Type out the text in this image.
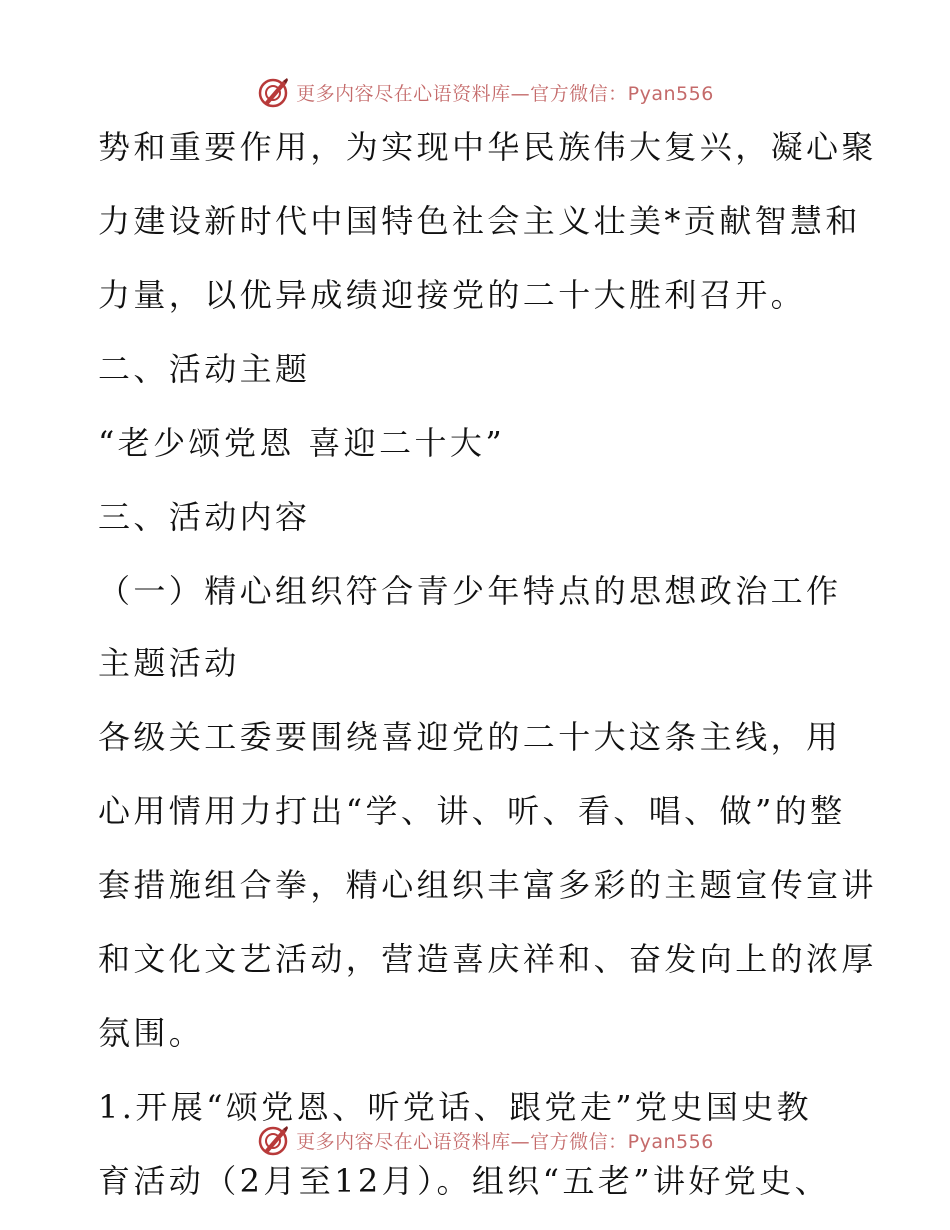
更多内容尽在心语资料库—官方微信：Pyan556
势和重要作用，为实现中华民族伟大复兴，凝心聚
力建设新时代中国特色社会主义壮美*贡献智慧和
力量，以优异成绩迎接党的二十大胜利召开。
二、活动主题
“老少颂党恩 喜迎二十大”
三、活动内容
（一）精心组织符合青少年特点的思想政治工作
主题活动
各级关工委要围绕喜迎党的二十大这条主线，用
心用情用力打出“学、讲、听、看、唱、做”的整
套措施组合拳，精心组织丰富多彩的主题宣传宣讲
和文化文艺活动，营造喜庆祥和、奋发向上的浓厚
氛围。
1.开展“颂党恩、听党话、跟党走”党史国史教
育活动（2月至12月）。组织“五老”讲好党史、
更多内容尽在心语资料库—官方微信：Pyan556
